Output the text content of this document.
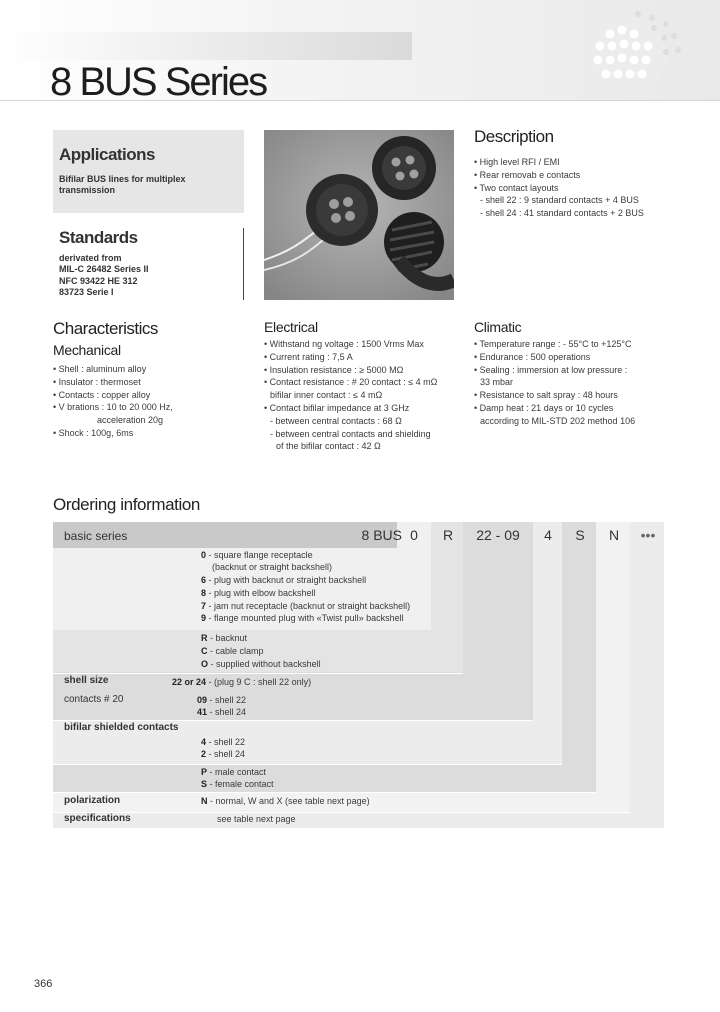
8 BUS Series
Applications
Bifilar BUS lines for multiplex
transmission
Standards
derivated from
MIL-C 26482 Series II
NFC 93422 HE 312
83723 Serie I
Description
• High level RFI / EMI
• Rear removab e contacts
• Two contact layouts
- shell 22 : 9 standard contacts + 4 BUS
- shell 24 : 41 standard contacts + 2 BUS
Characteristics
Mechanical
• Shell : aluminum alloy
• Insulator : thermoset
• Contacts : copper alloy
• V brations : 10 to 20 000 Hz,
acceleration 20g
• Shock : 100g, 6ms
Electrical
• Withstand ng voltage : 1500 Vrms Max
• Current rating : 7,5 A
• Insulation resistance : ≥ 5000 MΩ
• Contact resistance : # 20 contact : ≤ 4 mΩ
bifilar inner contact : ≤ 4 mΩ
• Contact bifilar impedance at 3 GHz
- between central contacts : 68 Ω
- between central contacts and shielding
of the bifilar contact : 42 Ω
Climatic
• Temperature range : - 55°C to +125°C
• Endurance : 500 operations
• Sealing : immersion at low pressure :
33 mbar
• Resistance to salt spray : 48 hours
• Damp heat : 21 days or 10 cycles
according to MIL-STD 202 method 106
Ordering information
basic series	8 BUS 0	R	22 - 09	4	S	N	•••
0 - square flange receptacle
(backnut or straight backshell)
6 - plug with backnut or straight backshell
8 - plug with elbow backshell
7 - jam nut receptacle (backnut or straight backshell)
9 - flange mounted plug with «Twist pull» backshell
R - backnut
C - cable clamp
O - supplied without backshell
shell size	22 or 24 - (plug 9 C : shell 22 only)
contacts # 20	09 - shell 22
41 - shell 24
bifilar shielded contacts
4 - shell 22
2 - shell 24
P - male contact
S - female contact
polarization	N - normal, W and X (see table next page)
specifications	see table next page
366
